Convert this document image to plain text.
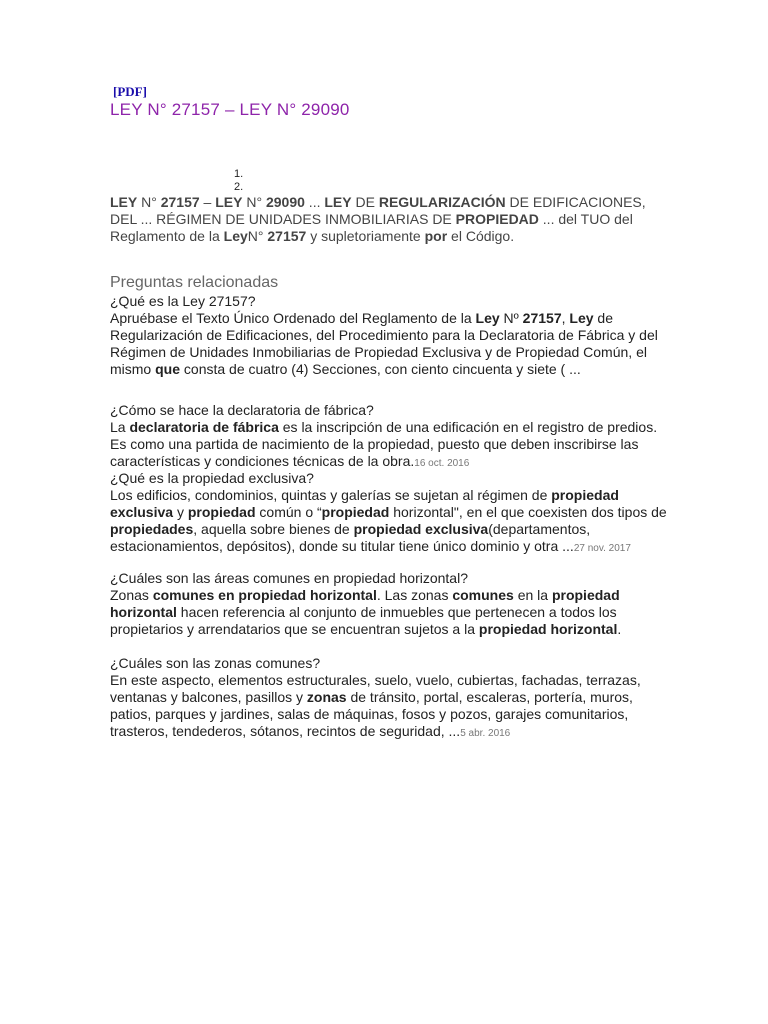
[PDF]
LEY N° 27157 – LEY N° 29090
1.
2.
LEY N° 27157 – LEY N° 29090 ... LEY DE REGULARIZACIÓN DE EDIFICACIONES, DEL ... RÉGIMEN DE UNIDADES INMOBILIARIAS DE PROPIEDAD ... del TUO del Reglamento de la LeyN° 27157 y supletoriamente por el Código.
Preguntas relacionadas
¿Qué es la Ley 27157?
Apruébase el Texto Único Ordenado del Reglamento de la Ley Nº 27157, Ley de Regularización de Edificaciones, del Procedimiento para la Declaratoria de Fábrica y del Régimen de Unidades Inmobiliarias de Propiedad Exclusiva y de Propiedad Común, el mismo que consta de cuatro (4) Secciones, con ciento cincuenta y siete ( ...
¿Cómo se hace la declaratoria de fábrica?
La declaratoria de fábrica es la inscripción de una edificación en el registro de predios. Es como una partida de nacimiento de la propiedad, puesto que deben inscribirse las características y condiciones técnicas de la obra.16 oct. 2016
¿Qué es la propiedad exclusiva?
Los edificios, condominios, quintas y galerías se sujetan al régimen de propiedad exclusiva y propiedad común o “propiedad horizontal", en el que coexisten dos tipos de propiedades, aquella sobre bienes de propiedad exclusiva(departamentos, estacionamientos, depósitos), donde su titular tiene único dominio y otra ...27 nov. 2017
¿Cuáles son las áreas comunes en propiedad horizontal?
Zonas comunes en propiedad horizontal. Las zonas comunes en la propiedad horizontal hacen referencia al conjunto de inmuebles que pertenecen a todos los propietarios y arrendatarios que se encuentran sujetos a la propiedad horizontal.
¿Cuáles son las zonas comunes?
En este aspecto, elementos estructurales, suelo, vuelo, cubiertas, fachadas, terrazas, ventanas y balcones, pasillos y zonas de tránsito, portal, escaleras, portería, muros, patios, parques y jardines, salas de máquinas, fosos y pozos, garajes comunitarios, trasteros, tendederos, sótanos, recintos de seguridad, ...5 abr. 2016
